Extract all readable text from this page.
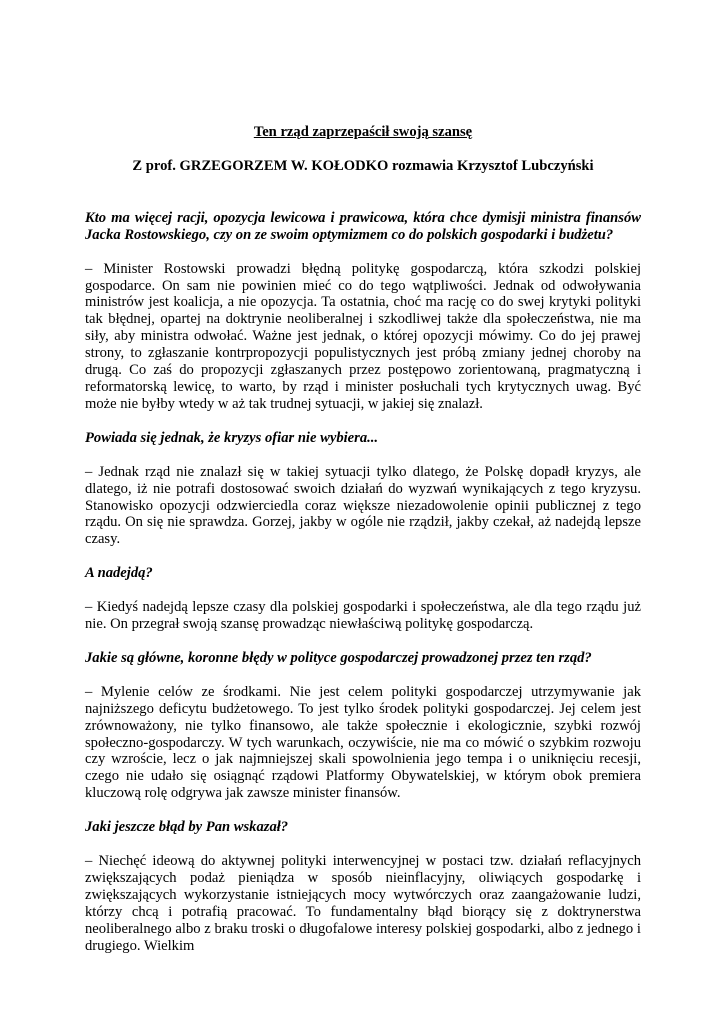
Ten rząd zaprzepaścił swoją szansę

Z prof. GRZEGORZEM W. KOŁODKO rozmawia Krzysztof Lubczyński

Kto ma więcej racji, opozycja lewicowa i prawicowa, która chce dymisji ministra finansów Jacka Rostowskiego, czy on ze swoim optymizmem co do polskich gospodarki i budżetu?

– Minister Rostowski prowadzi błędną politykę gospodarczą, która szkodzi polskiej gospodarce. On sam nie powinien mieć co do tego wątpliwości. Jednak od odwoływania ministrów jest koalicja, a nie opozycja. Ta ostatnia, choć ma rację co do swej krytyki polityki tak błędnej, opartej na doktrynie neoliberalnej i szkodliwej także dla społeczeństwa, nie ma siły, aby ministra odwołać. Ważne jest jednak, o której opozycji mówimy. Co do jej prawej strony, to zgłaszanie kontrpropozycji populistycznych jest próbą zmiany jednej choroby na drugą. Co zaś do propozycji zgłaszanych przez postępowo zorientowaną, pragmatyczną i reformatorską lewicę, to warto, by rząd i minister posłuchali tych krytycznych uwag. Być może nie byłby wtedy w aż tak trudnej sytuacji, w jakiej się znalazł.

Powiada się jednak, że kryzys ofiar nie wybiera...

– Jednak rząd nie znalazł się w takiej sytuacji tylko dlatego, że Polskę dopadł kryzys, ale dlatego, iż nie potrafi dostosować swoich działań do wyzwań wynikających z tego kryzysu. Stanowisko opozycji odzwierciedla coraz większe niezadowolenie opinii publicznej z tego rządu. On się nie sprawdza. Gorzej, jakby w ogóle nie rządził, jakby czekał, aż nadejdą lepsze czasy.

A nadejdą?

– Kiedyś nadejdą lepsze czasy dla polskiej gospodarki i społeczeństwa, ale dla tego rządu już nie. On przegrał swoją szansę prowadząc niewłaściwą politykę gospodarczą.

Jakie są główne, koronne błędy w polityce gospodarczej prowadzonej przez ten rząd?

– Mylenie celów ze środkami. Nie jest celem polityki gospodarczej utrzymywanie jak najniższego deficytu budżetowego. To jest tylko środek polityki gospodarczej. Jej celem jest zrównoważony, nie tylko finansowo, ale także społecznie i ekologicznie, szybki rozwój społeczno-gospodarczy. W tych warunkach, oczywiście, nie ma co mówić o szybkim rozwoju czy wzroście, lecz o jak najmniejszej skali spowolnienia jego tempa i o uniknięciu recesji, czego nie udało się osiągnąć rządowi Platformy Obywatelskiej, w którym obok premiera kluczową rolę odgrywa jak zawsze minister finansów.

Jaki jeszcze błąd by Pan wskazał?

– Niechęć ideową do aktywnej polityki interwencyjnej w postaci tzw. działań reflacyjnych zwiększających podaż pieniądza w sposób nieinflacyjny, oliwiących gospodarkę i zwiększających wykorzystanie istniejących mocy wytwórczych oraz zaangażowanie ludzi, którzy chcą i potrafią pracować. To fundamentalny błąd biorący się z doktrynerstwa neoliberalnego albo z braku troski o długofalowe interesy polskiej gospodarki, albo z jednego i drugiego. Wielkim
